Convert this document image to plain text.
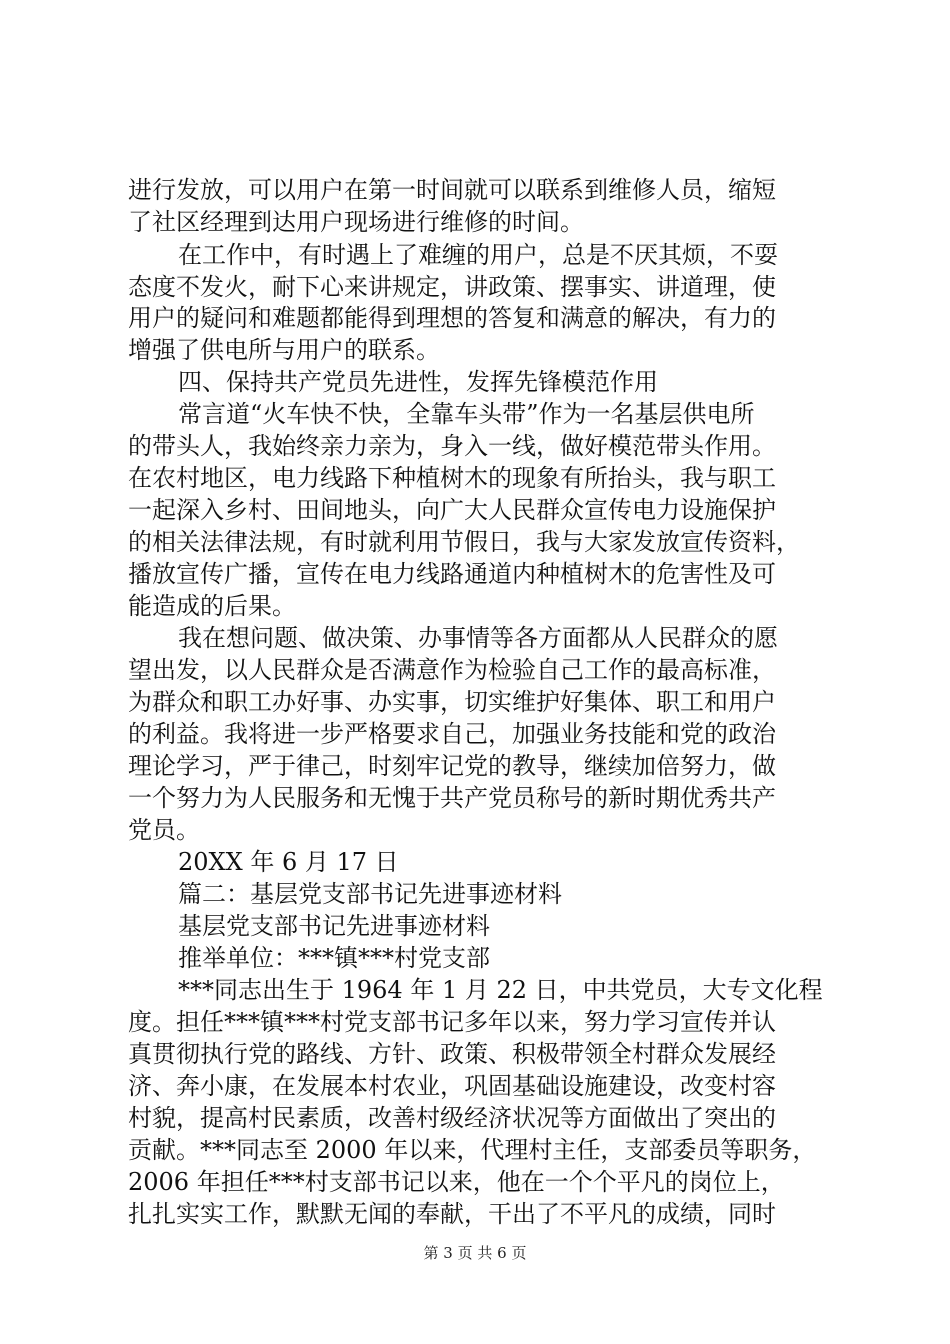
进行发放，可以用户在第一时间就可以联系到维修人员，缩短
了社区经理到达用户现场进行维修的时间。
在工作中，有时遇上了难缠的用户，总是不厌其烦，不耍
态度不发火，耐下心来讲规定，讲政策、摆事实、讲道理，使
用户的疑问和难题都能得到理想的答复和满意的解决，有力的
增强了供电所与用户的联系。
四、保持共产党员先进性，发挥先锋模范作用
常言道“火车快不快，全靠车头带”作为一名基层供电所
的带头人，我始终亲力亲为，身入一线，做好模范带头作用。
在农村地区，电力线路下种植树木的现象有所抬头，我与职工
一起深入乡村、田间地头，向广大人民群众宣传电力设施保护
的相关法律法规，有时就利用节假日，我与大家发放宣传资料，
播放宣传广播，宣传在电力线路通道内种植树木的危害性及可
能造成的后果。
我在想问题、做决策、办事情等各方面都从人民群众的愿
望出发，以人民群众是否满意作为检验自己工作的最高标准，
为群众和职工办好事、办实事，切实维护好集体、职工和用户
的利益。我将进一步严格要求自己，加强业务技能和党的政治
理论学习，严于律己，时刻牢记党的教导，继续加倍努力，做
一个努力为人民服务和无愧于共产党员称号的新时期优秀共产
党员。
20XX 年 6 月 17 日
篇二：基层党支部书记先进事迹材料
基层党支部书记先进事迹材料
推举单位：***镇***村党支部
***同志出生于 1964 年 1 月 22 日，中共党员，大专文化程
度。担任***镇***村党支部书记多年以来，努力学习宣传并认
真贯彻执行党的路线、方针、政策、积极带领全村群众发展经
济、奔小康，在发展本村农业，巩固基础设施建设，改变村容
村貌，提高村民素质，改善村级经济状况等方面做出了突出的
贡献。***同志至 2000 年以来，代理村主任，支部委员等职务，
2006 年担任***村支部书记以来，他在一个个平凡的岗位上，
扎扎实实工作，默默无闻的奉献，干出了不平凡的成绩，同时
第 3 页 共 6 页
